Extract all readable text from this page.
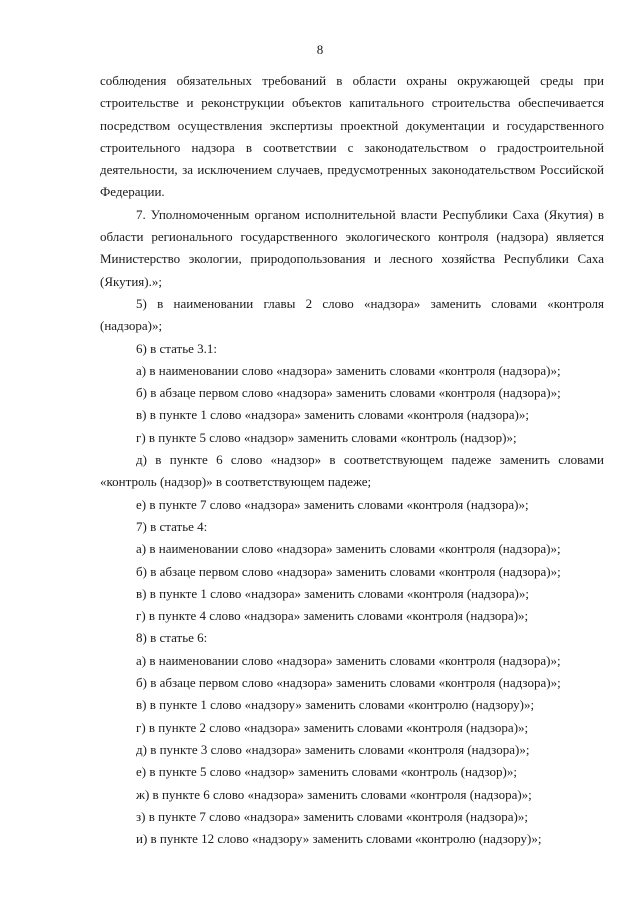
8

соблюдения обязательных требований в области охраны окружающей среды при строительстве и реконструкции объектов капитального строительства обеспечивается посредством осуществления экспертизы проектной документации и государственного строительного надзора в соответствии с законодательством о градостроительной деятельности, за исключением случаев, предусмотренных законодательством Российской Федерации.

7. Уполномоченным органом исполнительной власти Республики Саха (Якутия) в области регионального государственного экологического контроля (надзора) является Министерство экологии, природопользования и лесного хозяйства Республики Саха (Якутия).»;

5) в наименовании главы 2 слово «надзора» заменить словами «контроля (надзора)»;

6) в статье 3.1:

а) в наименовании слово «надзора» заменить словами «контроля (надзора)»;

б) в абзаце первом слово «надзора» заменить словами «контроля (надзора)»;

в) в пункте 1 слово «надзора» заменить словами «контроля (надзора)»;

г) в пункте 5 слово «надзор» заменить словами «контроль (надзор)»;

д) в пункте 6 слово «надзор» в соответствующем падеже заменить словами «контроль (надзор)» в соответствующем падеже;

е) в пункте 7 слово «надзора» заменить словами «контроля (надзора)»;

7) в статье 4:

а) в наименовании слово «надзора» заменить словами «контроля (надзора)»;

б) в абзаце первом слово «надзора» заменить словами «контроля (надзора)»;

в) в пункте 1 слово «надзора» заменить словами «контроля (надзора)»;

г) в пункте 4 слово «надзора» заменить словами «контроля (надзора)»;

8) в статье 6:

а) в наименовании слово «надзора» заменить словами «контроля (надзора)»;

б) в абзаце первом слово «надзора» заменить словами «контроля (надзора)»;

в) в пункте 1 слово «надзору» заменить словами «контролю (надзору)»;

г) в пункте 2 слово «надзора» заменить словами «контроля (надзора)»;

д) в пункте 3 слово «надзора» заменить словами «контроля (надзора)»;

е) в пункте 5 слово «надзор» заменить словами «контроль (надзор)»;

ж) в пункте 6 слово «надзора» заменить словами «контроля (надзора)»;

з) в пункте 7 слово «надзора» заменить словами «контроля (надзора)»;

и) в пункте 12 слово «надзору» заменить словами «контролю (надзору)»;
